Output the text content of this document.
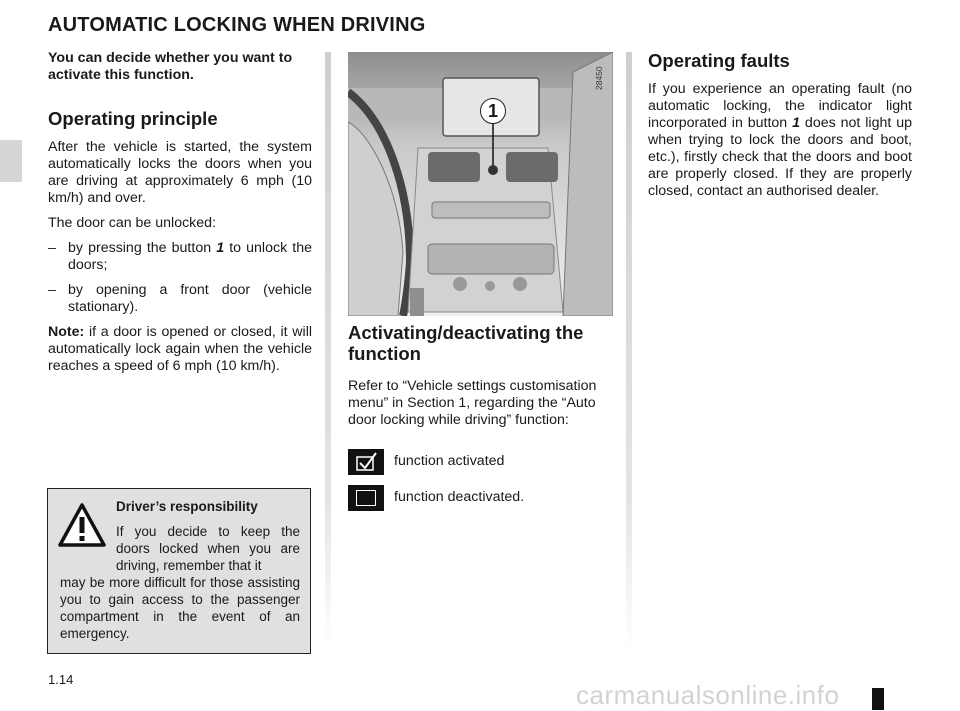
AUTOMATIC LOCKING WHEN DRIVING

You can decide whether you want to activate this function.

Operating principle

After the vehicle is started, the system automatically locks the doors when you are driving at approximately 6 mph (10 km/h) and over.

The door can be unlocked:

– by pressing the button 1 to unlock the doors;
– by opening a front door (vehicle stationary).

Note: if a door is opened or closed, it will automatically lock again when the vehicle reaches a speed of 6 mph (10 km/h).

Driver’s responsibility
If you decide to keep the doors locked when you are driving, remember that it
may be more difficult for those assisting you to gain access to the passenger compartment in the event of an emergency.
1
28450
Activating/deactivating the function

Refer to “Vehicle settings customisation menu” in Section 1, regarding the “Auto door locking while driving” function:

function activated
function deactivated.
Operating faults

If you experience an operating fault (no automatic locking, the indicator light incorporated in button 1 does not light up when trying to lock the doors and boot, etc.), firstly check that the doors and boot are properly closed. If they are properly closed, contact an authorised dealer.

1.14
carmanualsonline.info
